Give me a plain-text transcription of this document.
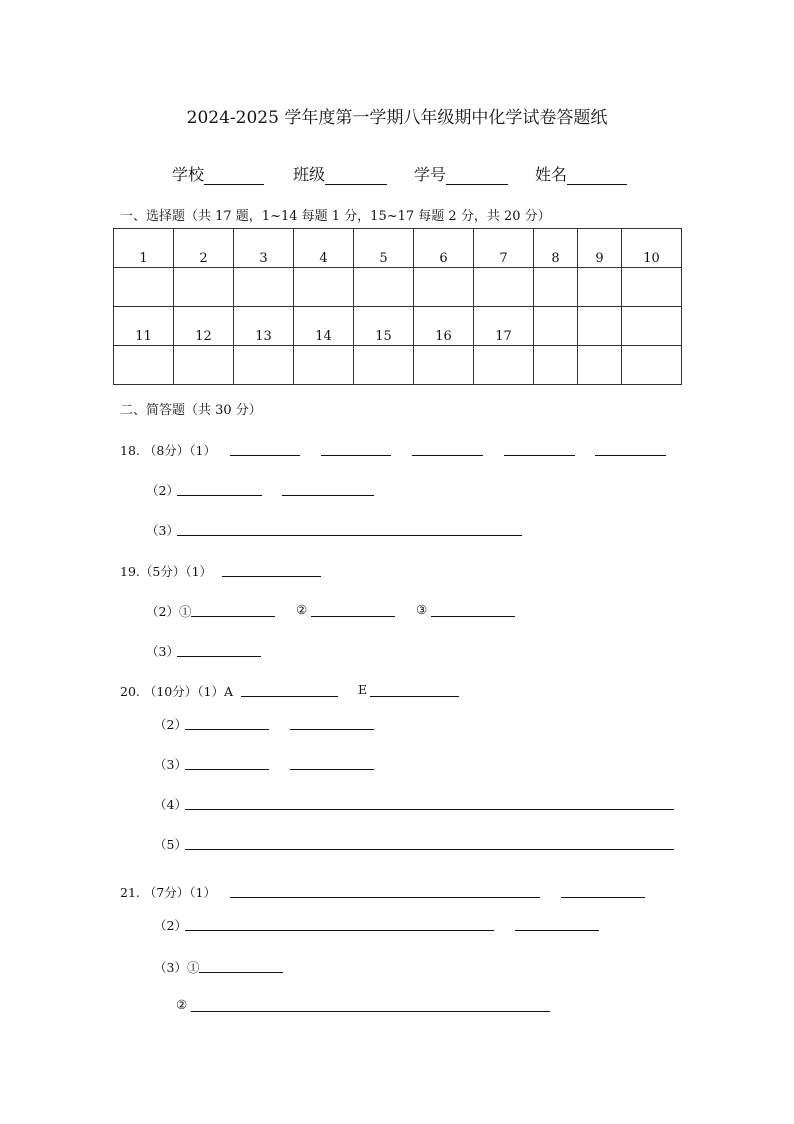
2024-2025 学年度第一学期八年级期中化学试卷答题纸
学校	班级	学号	姓名
一、选择题（共 17 题，1~14 每题 1 分，15~17 每题 2 分，共 20 分）
1	2	3	4	5	6	7	8	9	10

11	12	13	14	15	16	17			

二、简答题（共 30 分）
18. （8分）（1）
（2）
（3）
19.（5分）（1）
（2）①	②	③
（3）
20. （10分）（1）A	E
（2）
（3）
（4）
（5）
21. （7分）（1）
（2）
（3）①
②
